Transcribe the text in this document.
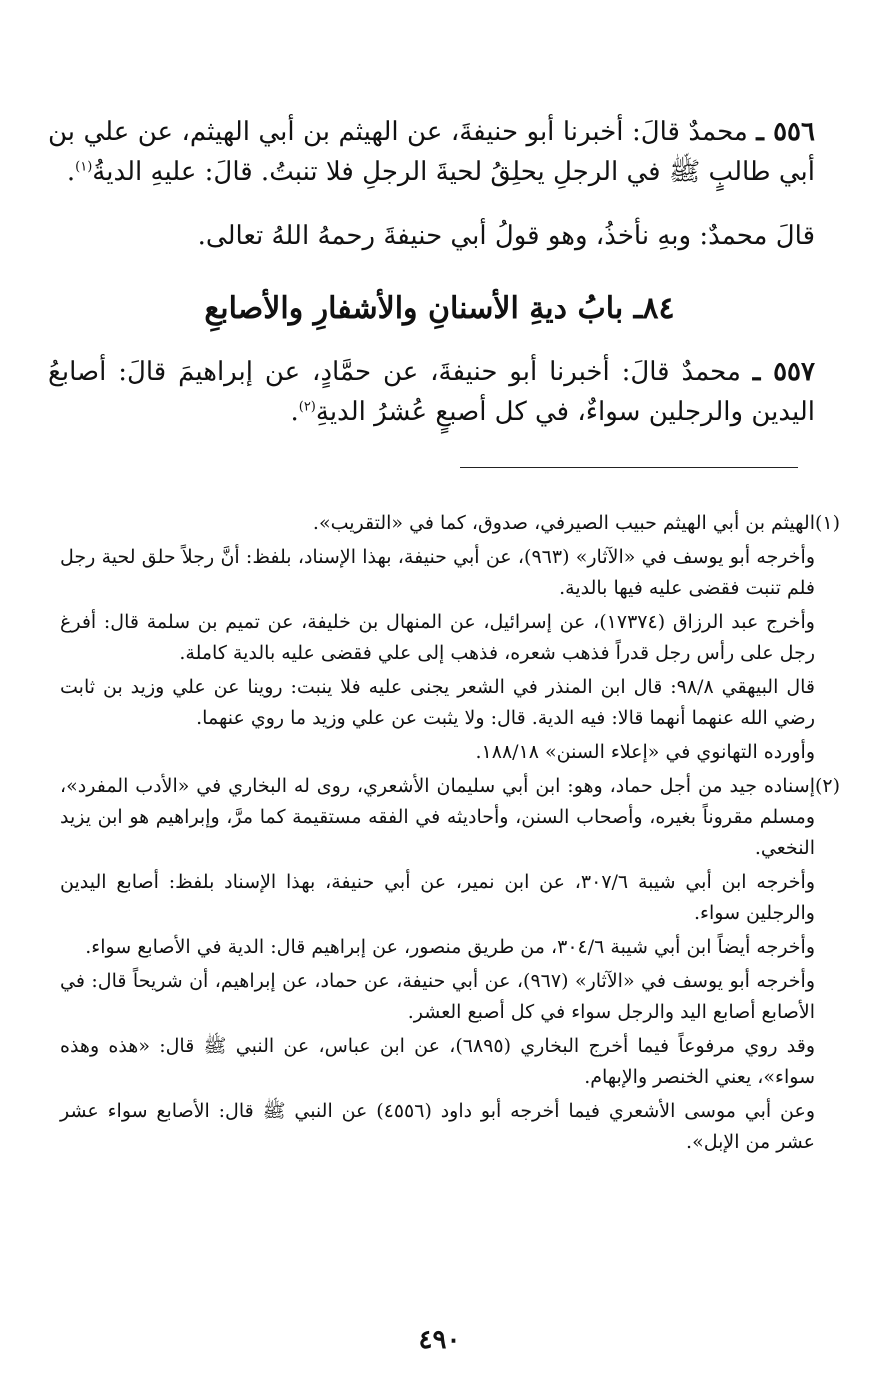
٥٥٦ ـ محمدٌ قالَ: أخبرنا أبو حنيفةَ، عن الهيثم بن أبي الهيثم، عن علي بن أبي طالبٍ ﷺ في الرجلِ يحلِقُ لحيةَ الرجلِ فلا تنبتُ. قالَ: عليهِ الديةُ$^{(١)}$.
قالَ محمدٌ: وبهِ نأخذُ، وهو قولُ أبي حنيفةَ رحمهُ اللهُ تعالى.
٨٤ـ بابُ ديةِ الأسنانِ والأشفارِ والأصابعِ
٥٥٧ ـ محمدٌ قالَ: أخبرنا أبو حنيفةَ، عن حمَّادٍ، عن إبراهيمَ قالَ: أصابعُ اليدين والرجلين سواءٌ، في كل أصبعٍ عُشرُ الديةِ$^{(٢)}$.
(١)

الهيثم بن أبي الهيثم حبيب الصيرفي، صدوق، كما في «التقريب».

وأخرجه أبو يوسف في «الآثار» (٩٦٣)، عن أبي حنيفة، بهذا الإسناد، بلفظ: أنَّ رجلاً حلق لحية رجل فلم تنبت فقضى عليه فيها بالدية.

وأخرج عبد الرزاق (١٧٣٧٤)، عن إسرائيل، عن المنهال بن خليفة، عن تميم بن سلمة قال: أفرغ رجل على رأس رجل قدراً فذهب شعره، فذهب إلى علي فقضى عليه بالدية كاملة.

قال البيهقي ٩٨/٨: قال ابن المنذر في الشعر يجنى عليه فلا ينبت: روينا عن علي وزيد بن ثابت رضي الله عنهما أنهما قالا: فيه الدية. قال: ولا يثبت عن علي وزيد ما روي عنهما.

وأورده التهانوي في «إعلاء السنن» ١٨٨/١٨.

(٢)

إسناده جيد من أجل حماد، وهو: ابن أبي سليمان الأشعري، روى له البخاري في «الأدب المفرد»، ومسلم مقروناً بغيره، وأصحاب السنن، وأحاديثه في الفقه مستقيمة كما مرَّ، وإبراهيم هو ابن يزيد النخعي.

وأخرجه ابن أبي شيبة ٣٠٧/٦، عن ابن نمير، عن أبي حنيفة، بهذا الإسناد بلفظ: أصابع اليدين والرجلين سواء.

وأخرجه أيضاً ابن أبي شيبة ٣٠٤/٦، من طريق منصور، عن إبراهيم قال: الدية في الأصابع سواء.

وأخرجه أبو يوسف في «الآثار» (٩٦٧)، عن أبي حنيفة، عن حماد، عن إبراهيم، أن شريحاً قال: في الأصابع أصابع اليد والرجل سواء في كل أصبع العشر.

وقد روي مرفوعاً فيما أخرج البخاري (٦٨٩٥)، عن ابن عباس، عن النبي ﷺ قال: «هذه وهذه سواء»، يعني الخنصر والإبهام.

وعن أبي موسى الأشعري فيما أخرجه أبو داود (٤٥٥٦) عن النبي ﷺ قال: الأصابع سواء عشر عشر من الإبل».

٤٩٠
